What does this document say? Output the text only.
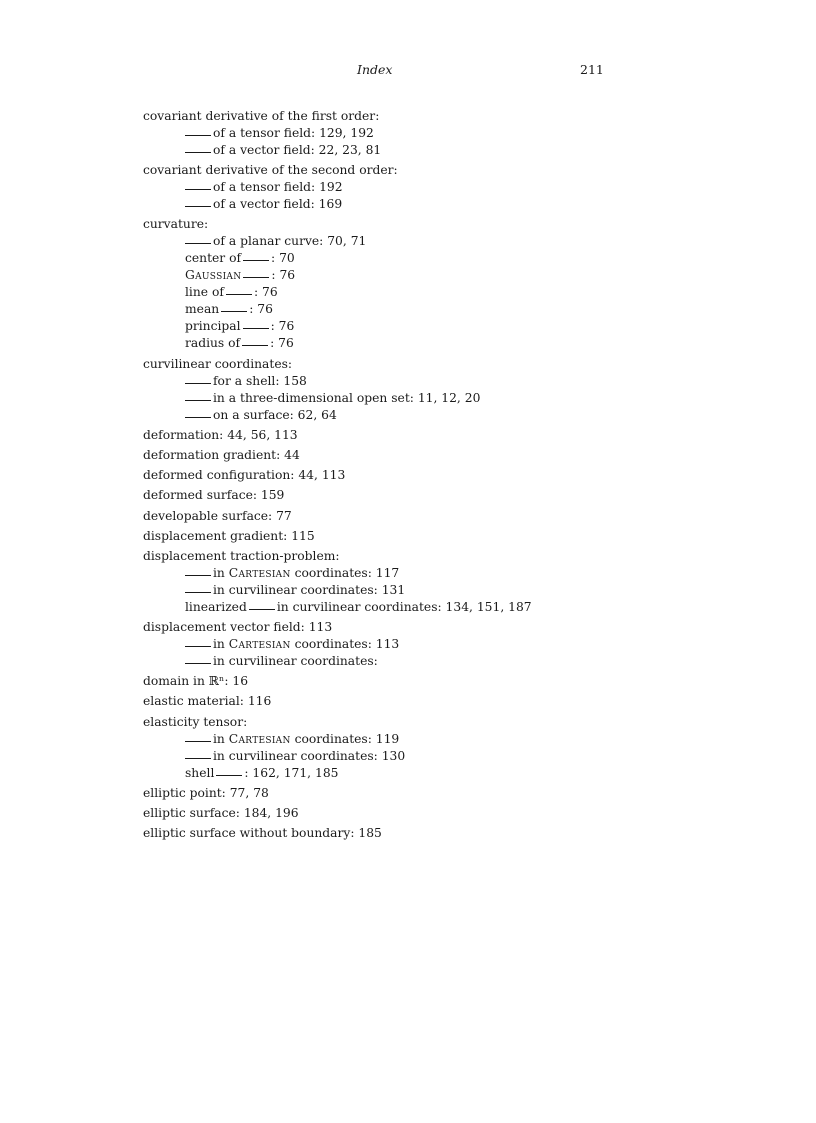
Index	211
covariant derivative of the first order:
of a tensor field: 129, 192
of a vector field: 22, 23, 81
covariant derivative of the second order:
of a tensor field: 192
of a vector field: 169
curvature:
of a planar curve: 70, 71
center of : 70
Gaussian : 76
line of : 76
mean : 76
principal : 76
radius of : 76
curvilinear coordinates:
for a shell: 158
in a three-dimensional open set: 11, 12, 20
on a surface: 62, 64
deformation: 44, 56, 113
deformation gradient: 44
deformed configuration: 44, 113
deformed surface: 159
developable surface: 77
displacement gradient: 115
displacement traction-problem:
in Cartesian coordinates: 117
in curvilinear coordinates: 131
linearized in curvilinear coordinates: 134, 151, 187
displacement vector field: 113
in Cartesian coordinates: 113
in curvilinear coordinates:
domain in ℝⁿ: 16
elastic material: 116
elasticity tensor:
in Cartesian coordinates: 119
in curvilinear coordinates: 130
shell : 162, 171, 185
elliptic point: 77, 78
elliptic surface: 184, 196
elliptic surface without boundary: 185
